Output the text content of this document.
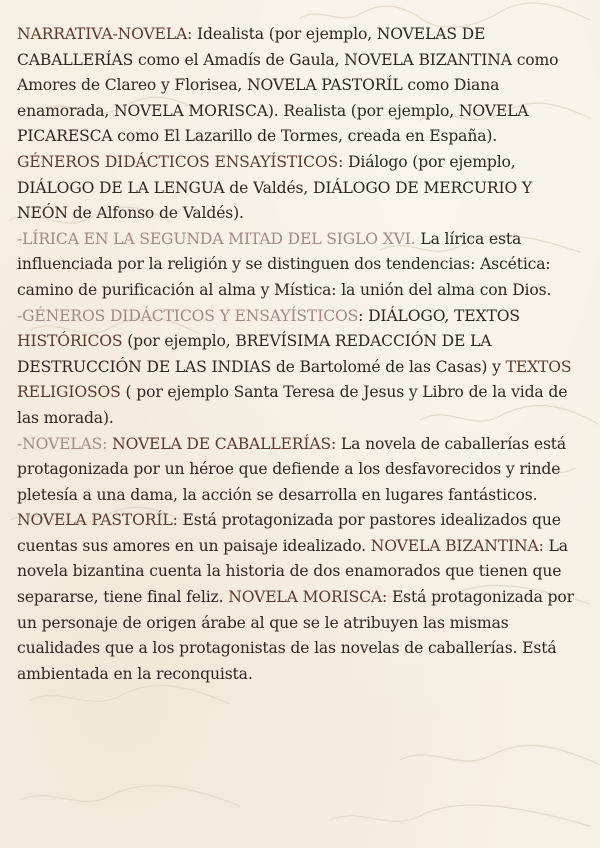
NARRATIVA-NOVELA: Idealista (por ejemplo, NOVELAS DE CABALLERÍAS como el Amadís de Gaula, NOVELA BIZANTINA como Amores de Clareo y Florisea, NOVELA PASTORÍL como Diana enamorada, NOVELA MORISCA). Realista (por ejemplo, NOVELA PICARESCA como El Lazarillo de Tormes, creada en España). GÉNEROS DIDÁCTICOS ENSAYÍSTICOS: Diálogo (por ejemplo, DIÁLOGO DE LA LENGUA de Valdés, DIÁLOGO DE MERCURIO Y NEÓN de Alfonso de Valdés).

-LÍRICA EN LA SEGUNDA MITAD DEL SIGLO XVI. La lírica esta influenciada por la religión y se distinguen dos tendencias: Ascética: camino de purificación al alma y Mística: la unión del alma con Dios.

-GÉNEROS DIDÁCTICOS Y ENSAYÍSTICOS: DIÁLOGO, TEXTOS HISTÓRICOS (por ejemplo, BREVÍSIMA REDACCIÓN DE LA DESTRUCCIÓN DE LAS INDIAS de Bartolomé de las Casas) y TEXTOS RELIGIOSOS ( por ejemplo Santa Teresa de Jesus y Libro de la vida de las morada).

-NOVELAS: NOVELA DE CABALLERÍAS: La novela de caballerías está protagonizada por un héroe que defiende a los desfavorecidos y rinde pletesía a una dama, la acción se desarrolla en lugares fantásticos. NOVELA PASTORÍL: Está protagonizada por pastores idealizados que cuentas sus amores en un paisaje idealizado. NOVELA BIZANTINA: La novela bizantina cuenta la historia de dos enamorados que tienen que separarse, tiene final feliz. NOVELA MORISCA: Está protagonizada por un personaje de origen árabe al que se le atribuyen las mismas cualidades que a los protagonistas de las novelas de caballerías. Está ambientada en la reconquista.
